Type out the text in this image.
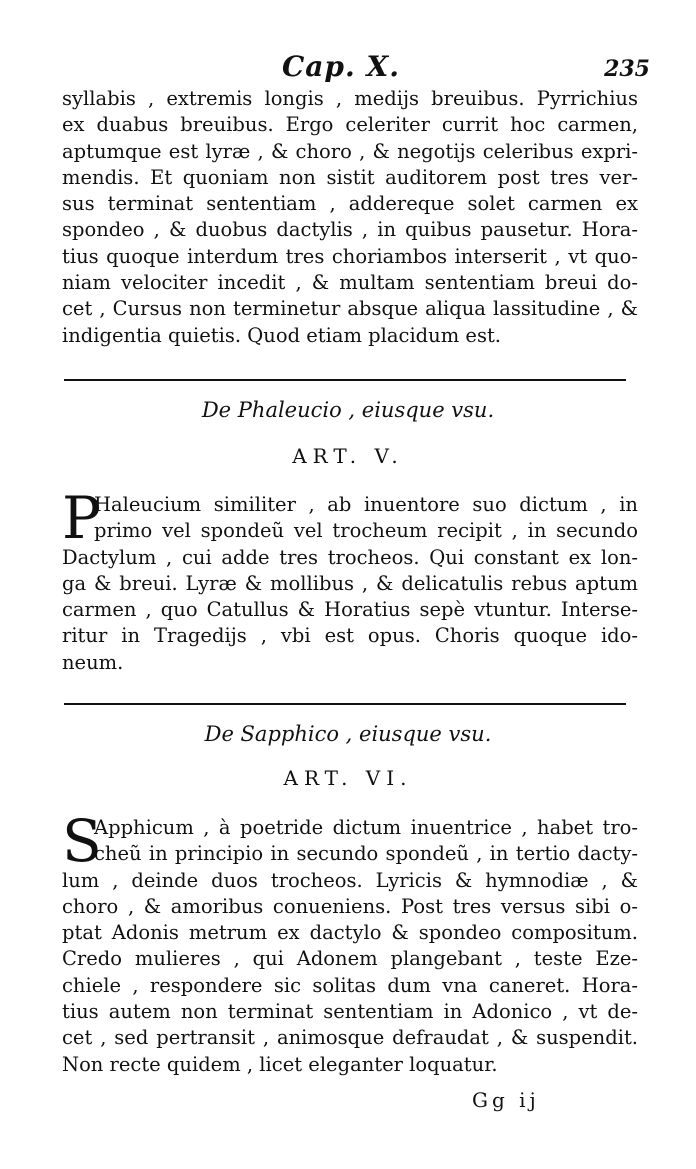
Cap. X.	235
syllabis , extremis longis , medijs breuibus. Pyrrichius
ex duabus breuibus. Ergo celeriter currit hoc carmen,
aptumque est lyræ , & choro , & negotijs celeribus expri-
mendis. Et quoniam non sistit auditorem post tres ver-
sus terminat sententiam , addereque solet carmen ex
spondeo , & duobus dactylis , in quibus pausetur. Hora-
tius quoque interdum tres choriambos interserit , vt quo-
niam velociter incedit , & multam sententiam breui do-
cet , Cursus non terminetur absque aliqua lassitudine , &
indigentia quietis. Quod etiam placidum est.
De Phaleucio , eiusque vsu.
ART. V.
P
Haleucium similiter , ab inuentore suo dictum , in
primo vel spondeũ vel trocheum recipit , in secundo
Dactylum , cui adde tres trocheos. Qui constant ex lon-
ga & breui. Lyræ & mollibus , & delicatulis rebus aptum
carmen , quo Catullus & Horatius sepè vtuntur. Interse-
ritur in Tragedijs , vbi est opus. Choris quoque ido-
neum.
De Sapphico , eiusque vsu.
ART. VI.
S
Apphicum , à poetride dictum inuentrice , habet tro-
cheũ in principio in secundo spondeũ , in tertio dacty-
lum , deinde duos trocheos. Lyricis & hymnodiæ , &
choro , & amoribus conueniens. Post tres versus sibi o-
ptat Adonis metrum ex dactylo & spondeo compositum.
Credo mulieres , qui Adonem plangebant , teste Eze-
chiele , respondere sic solitas dum vna caneret. Hora-
tius autem non terminat sententiam in Adonico , vt de-
cet , sed pertransit , animosque defraudat , & suspendit.
Non recte quidem , licet eleganter loquatur.
Gg ij
